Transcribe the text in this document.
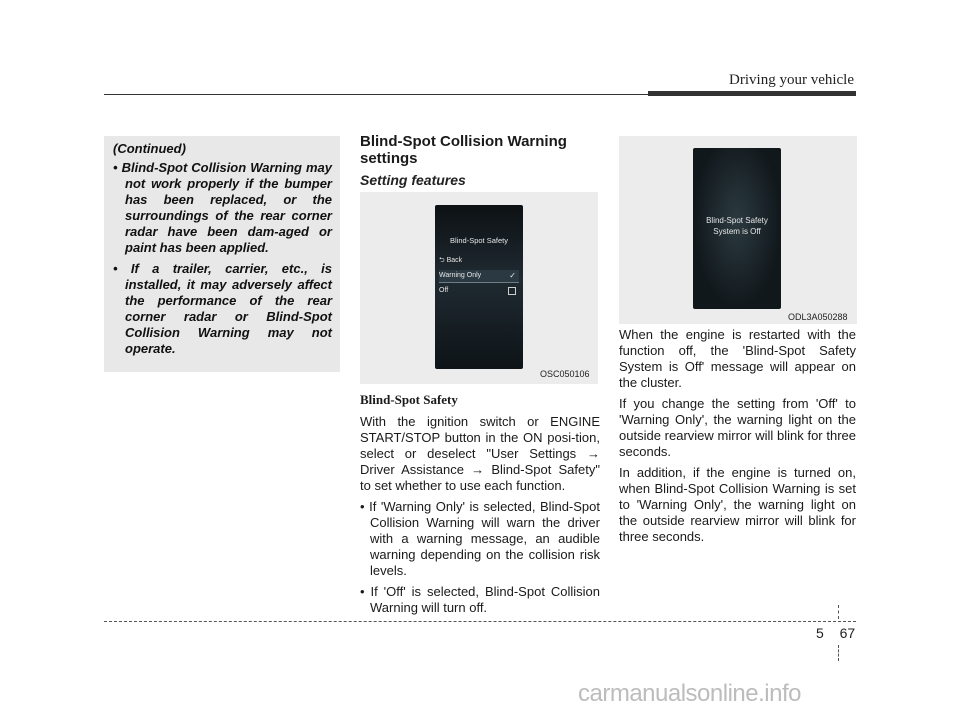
Driving your vehicle
(Continued)
• Blind-Spot Collision Warning may not work properly if the bumper has been replaced, or the surroundings of the rear corner radar have been dam-aged or paint has been applied.
• If a trailer, carrier, etc., is installed, it may adversely affect the performance of the rear corner radar or Blind-Spot Collision Warning may not operate.
Blind-Spot Collision Warning settings
Setting features
Blind-Spot Safety
⮌ Back
Warning Only	✓
Off
OSC050106
Blind-Spot Safety

With the ignition switch or ENGINE START/STOP button in the ON posi-tion, select or deselect "User Settings → Driver Assistance → Blind-Spot Safety" to set whether to use each function.

• If 'Warning Only' is selected, Blind-Spot Collision Warning will warn the driver with a warning message, an audible warning depending on the collision risk levels.

• If 'Off' is selected, Blind-Spot Collision Warning will turn off.

Blind-Spot Safety
System is Off
ODL3A050288

When the engine is restarted with the function off, the 'Blind-Spot Safety System is Off' message will appear on the cluster.

If you change the setting from 'Off' to 'Warning Only', the warning light on the outside rearview mirror will blink for three seconds.

In addition, if the engine is turned on, when Blind-Spot Collision Warning is set to 'Warning Only', the warning light on the outside rearview mirror will blink for three seconds.

5 67
carmanualsonline.info
